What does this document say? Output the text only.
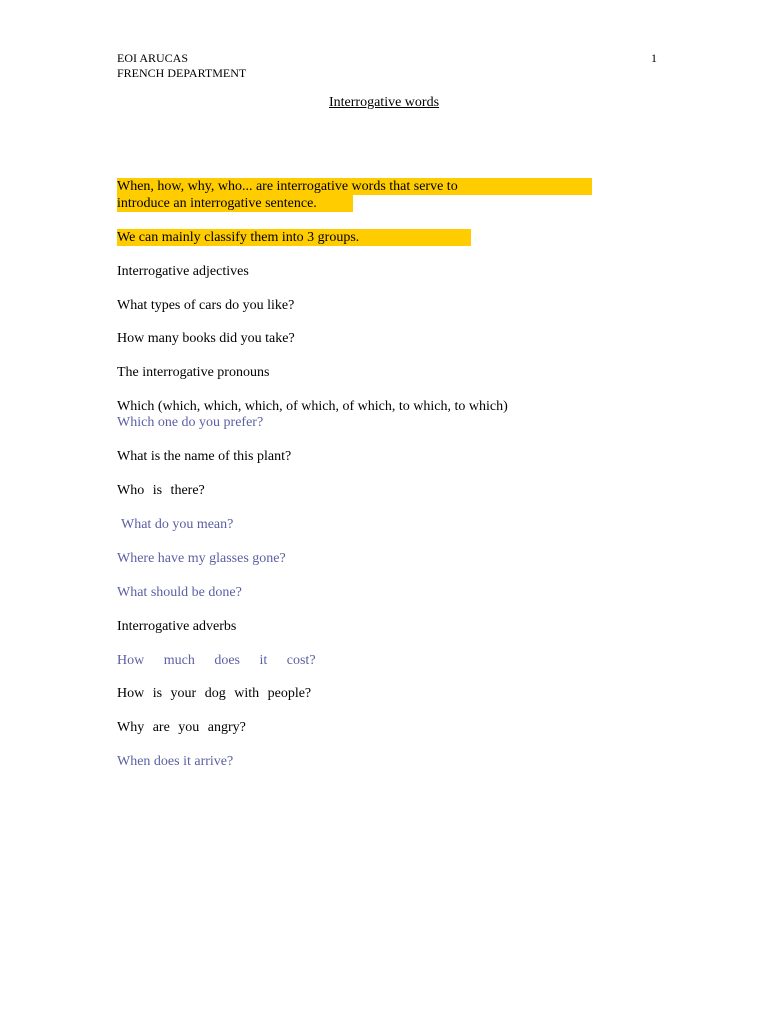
EOI ARUCAS
FRENCH DEPARTMENT
1
Interrogative words
When, how, why, who... are interrogative words that serve to
introduce an interrogative sentence.
We can mainly classify them into 3 groups.
Interrogative adjectives
What types of cars do you like?
How many books did you take?
The interrogative pronouns
Which (which, which, which, of which, of which, to which, to which)
Which one do you prefer?
What is the name of this plant?
Who is there?
What do you mean?
Where have my glasses gone?
What should be done?
Interrogative adverbs
How much does it cost?
How is your dog with people?
Why are you angry?
When does it arrive?
